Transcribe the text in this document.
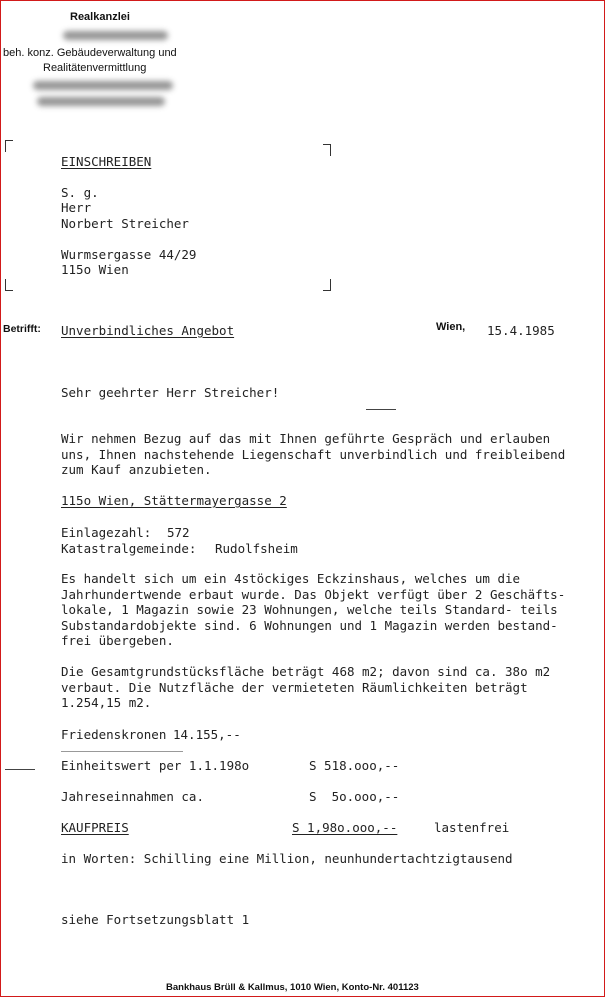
Realkanzlei
beh. konz. Gebäudeverwaltung und
Realitätenvermittlung
EINSCHREIBEN
S. g.
Herr
Norbert Streicher
Wurmsergasse 44/29
115o Wien
Betrifft: Unverbindliches Angebot	Wien, 15.4.1985
Sehr geehrter Herr Streicher!
Wir nehmen Bezug auf das mit Ihnen geführte Gespräch und erlauben
uns, Ihnen nachstehende Liegenschaft unverbindlich und freibleibend
zum Kauf anzubieten.
115o Wien, Stättermayergasse 2
Einlagezahl: 572
Katastralgemeinde: Rudolfsheim
Es handelt sich um ein 4stöckiges Eckzinshaus, welches um die
Jahrhundertwende erbaut wurde. Das Objekt verfügt über 2 Geschäfts-
lokale, 1 Magazin sowie 23 Wohnungen, welche teils Standard- teils
Substandardobjekte sind. 6 Wohnungen und 1 Magazin werden bestand-
frei übergeben.
Die Gesamtgrundstücksfläche beträgt 468 m2; davon sind ca. 38o m2
verbaut. Die Nutzfläche der vermieteten Räumlichkeiten beträgt
1.254,15 m2.
Friedenskronen 14.155,--
Einheitswert per 1.1.198o	S 518.ooo,--
Jahreseinnahmen ca.	S  5o.ooo,--
KAUFPREIS	S 1,98o.ooo,--	lastenfrei
in Worten: Schilling eine Million, neunhundertachtzigtausend
siehe Fortsetzungsblatt 1
Bankhaus Brüll & Kallmus, 1010 Wien, Konto-Nr. 401123
